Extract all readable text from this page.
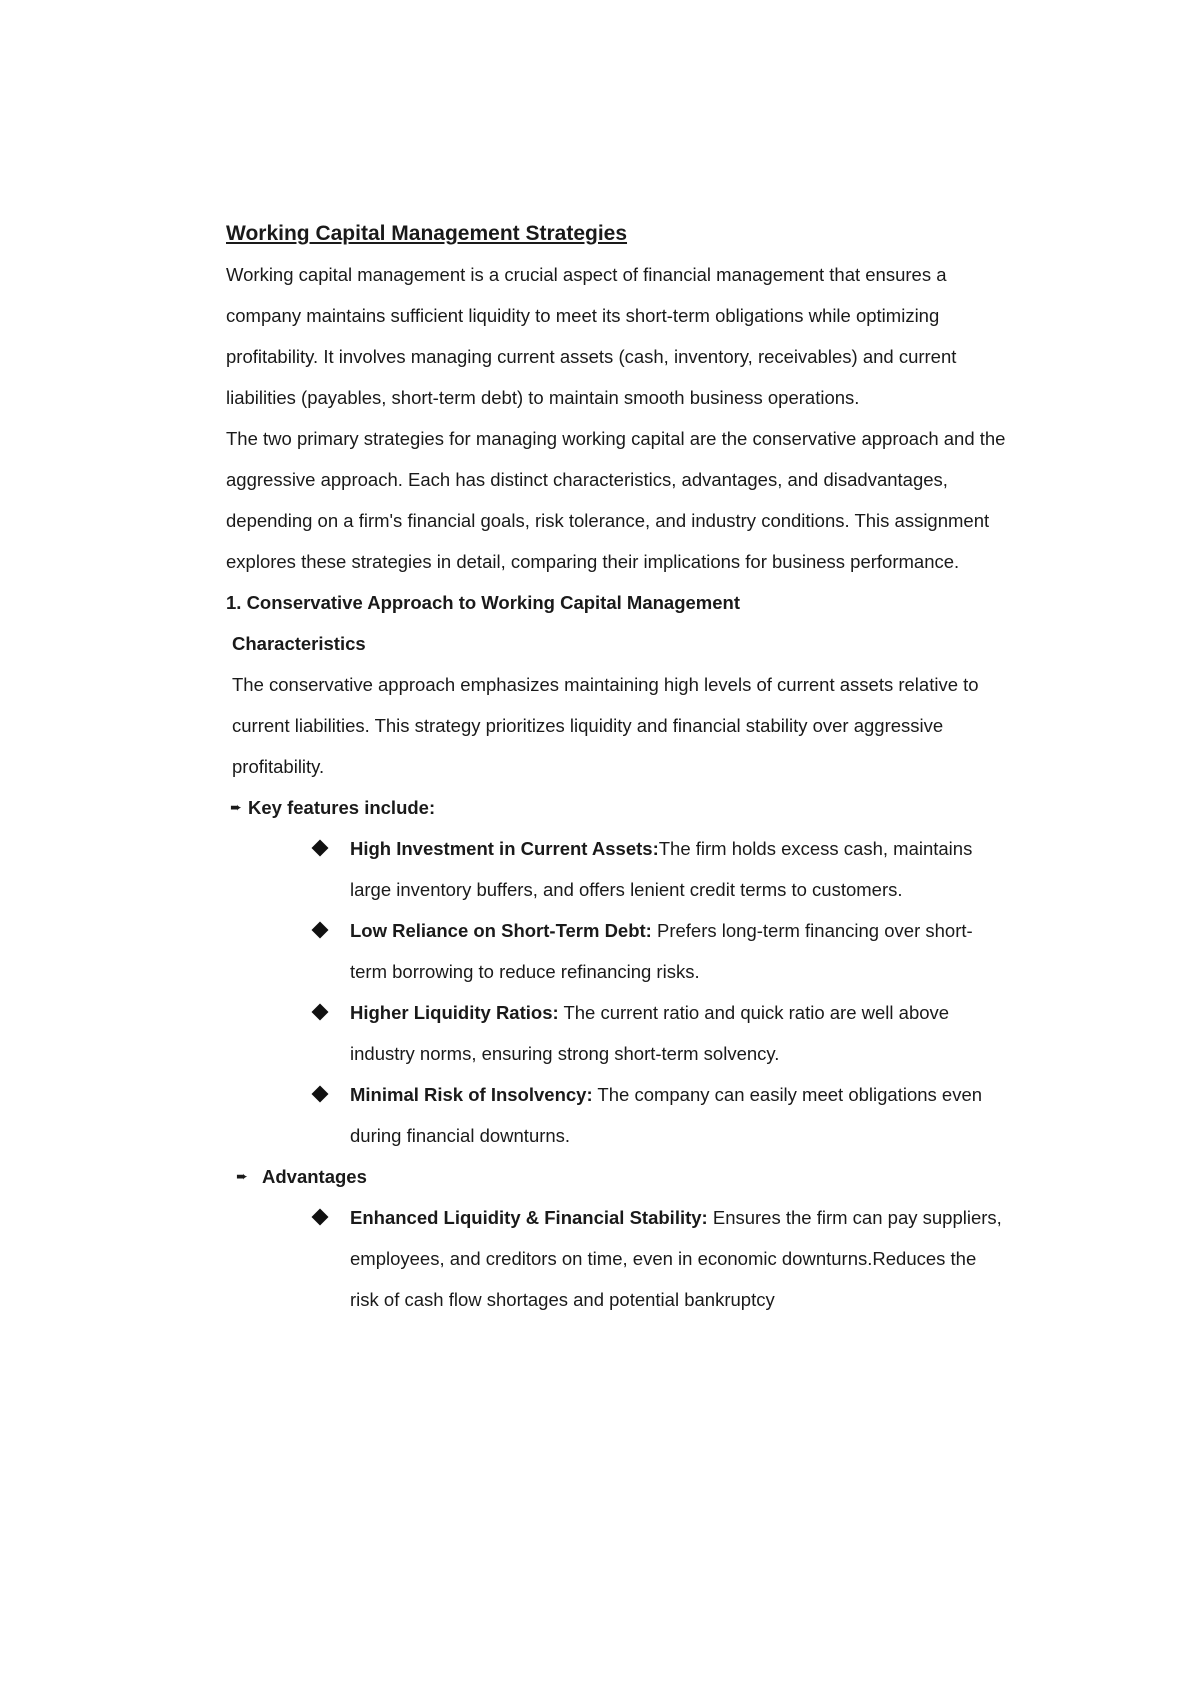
Working Capital Management Strategies

Working capital management is a crucial aspect of financial management that ensures a company maintains sufficient liquidity to meet its short-term obligations while optimizing profitability. It involves managing current assets (cash, inventory, receivables) and current liabilities (payables, short-term debt) to maintain smooth business operations.

The two primary strategies for managing working capital are the conservative approach and the aggressive approach. Each has distinct characteristics, advantages, and disadvantages, depending on a firm's financial goals, risk tolerance, and industry conditions. This assignment explores these strategies in detail, comparing their implications for business performance.

1. Conservative Approach to Working Capital Management

Characteristics

The conservative approach emphasizes maintaining high levels of current assets relative to current liabilities. This strategy prioritizes liquidity and financial stability over aggressive profitability.

➨ Key features include:
High Investment in Current Assets:The firm holds excess cash, maintains large inventory buffers, and offers lenient credit terms to customers.
Low Reliance on Short-Term Debt: Prefers long-term financing over short-term borrowing to reduce refinancing risks.
Higher Liquidity Ratios: The current ratio and quick ratio are well above industry norms, ensuring strong short-term solvency.
Minimal Risk of Insolvency: The company can easily meet obligations even during financial downturns.
➨ Advantages
Enhanced Liquidity & Financial Stability: Ensures the firm can pay suppliers, employees, and creditors on time, even in economic downturns.Reduces the risk of cash flow shortages and potential bankruptcy
